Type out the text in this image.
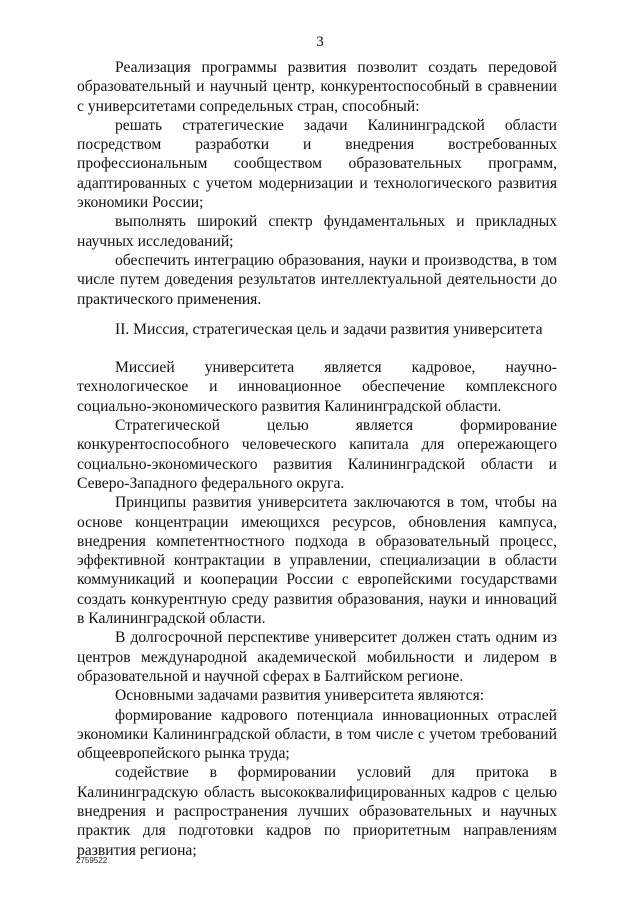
3

Реализация программы развития позволит создать передовой образовательный и научный центр, конкурентоспособный в сравнении с университетами сопредельных стран, способный:

решать стратегические задачи Калининградской области посредством разработки и внедрения востребованных профессиональным сообществом образовательных программ, адаптированных с учетом модернизации и технологического развития экономики России;

выполнять широкий спектр фундаментальных и прикладных научных исследований;

обеспечить интеграцию образования, науки и производства, в том числе путем доведения результатов интеллектуальной деятельности до практического применения.

II. Миссия, стратегическая цель и задачи развития университета

Миссией университета является кадровое, научно-технологическое и инновационное обеспечение комплексного социально-экономического развития Калининградской области.

Стратегической целью является формирование конкурентоспособного человеческого капитала для опережающего социально-экономического развития Калининградской области и Северо-Западного федерального округа.

Принципы развития университета заключаются в том, чтобы на основе концентрации имеющихся ресурсов, обновления кампуса, внедрения компетентностного подхода в образовательный процесс, эффективной контрактации в управлении, специализации в области коммуникаций и кооперации России с европейскими государствами создать конкурентную среду развития образования, науки и инноваций в Калининградской области.

В долгосрочной перспективе университет должен стать одним из центров международной академической мобильности и лидером в образовательной и научной сферах в Балтийском регионе.

Основными задачами развития университета являются:

формирование кадрового потенциала инновационных отраслей экономики Калининградской области, в том числе с учетом требований общеевропейского рынка труда;

содействие в формировании условий для притока в Калининградскую область высококвалифицированных кадров с целью внедрения и распространения лучших образовательных и научных практик для подготовки кадров по приоритетным направлениям развития региона;

2759522
